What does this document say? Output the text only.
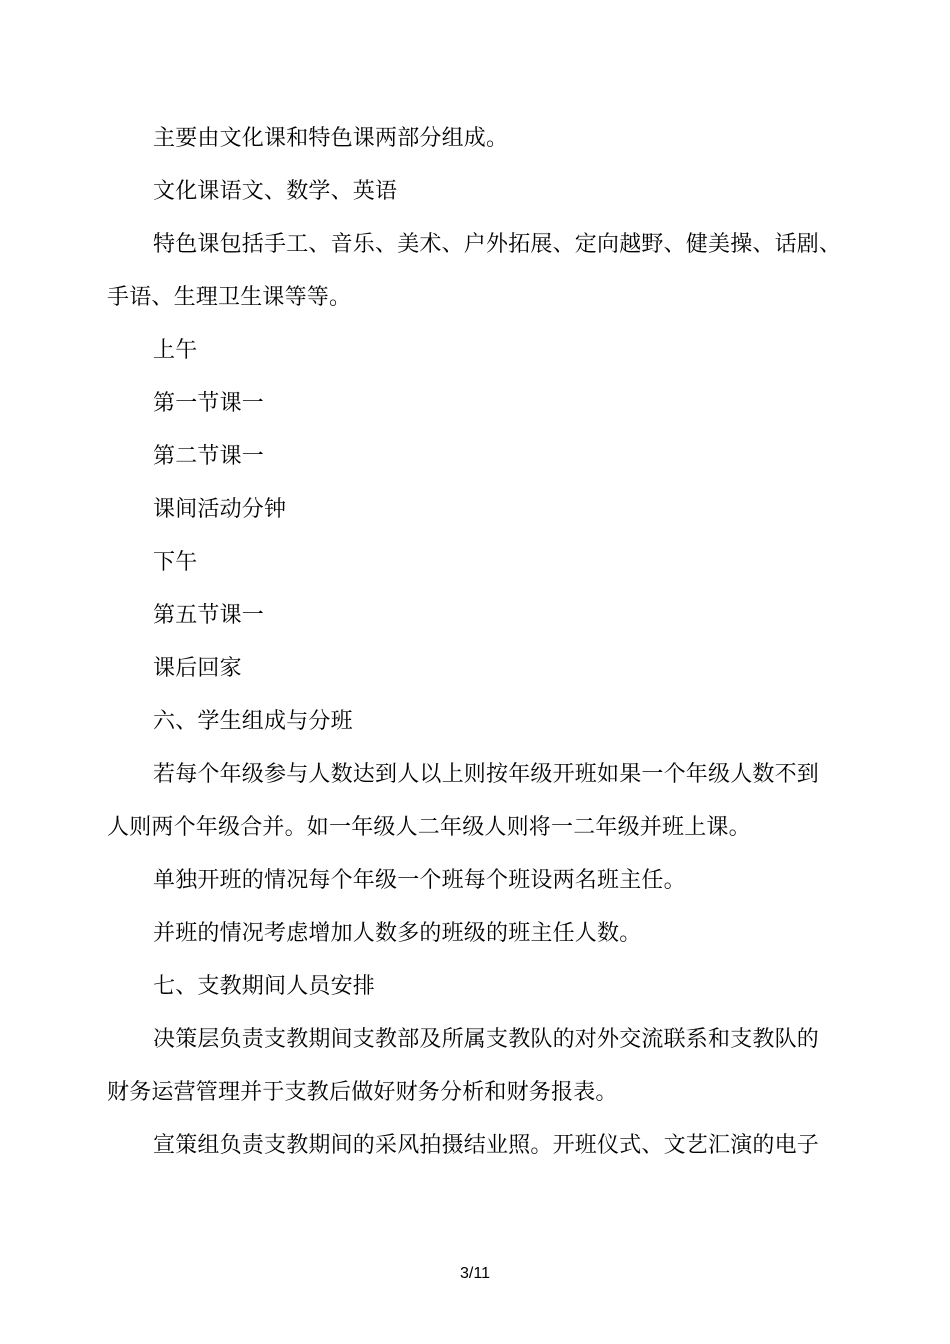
主要由文化课和特色课两部分组成。
文化课语文、数学、英语
特色课包括手工、音乐、美术、户外拓展、定向越野、健美操、话剧、
手语、生理卫生课等等。
上午
第一节课一
第二节课一
课间活动分钟
下午
第五节课一
课后回家
六、学生组成与分班
若每个年级参与人数达到人以上则按年级开班如果一个年级人数不到
人则两个年级合并。如一年级人二年级人则将一二年级并班上课。
单独开班的情况每个年级一个班每个班设两名班主任。
并班的情况考虑增加人数多的班级的班主任人数。
七、支教期间人员安排
决策层负责支教期间支教部及所属支教队的对外交流联系和支教队的
财务运营管理并于支教后做好财务分析和财务报表。
宣策组负责支教期间的采风拍摄结业照。开班仪式、文艺汇演的电子
3/11
